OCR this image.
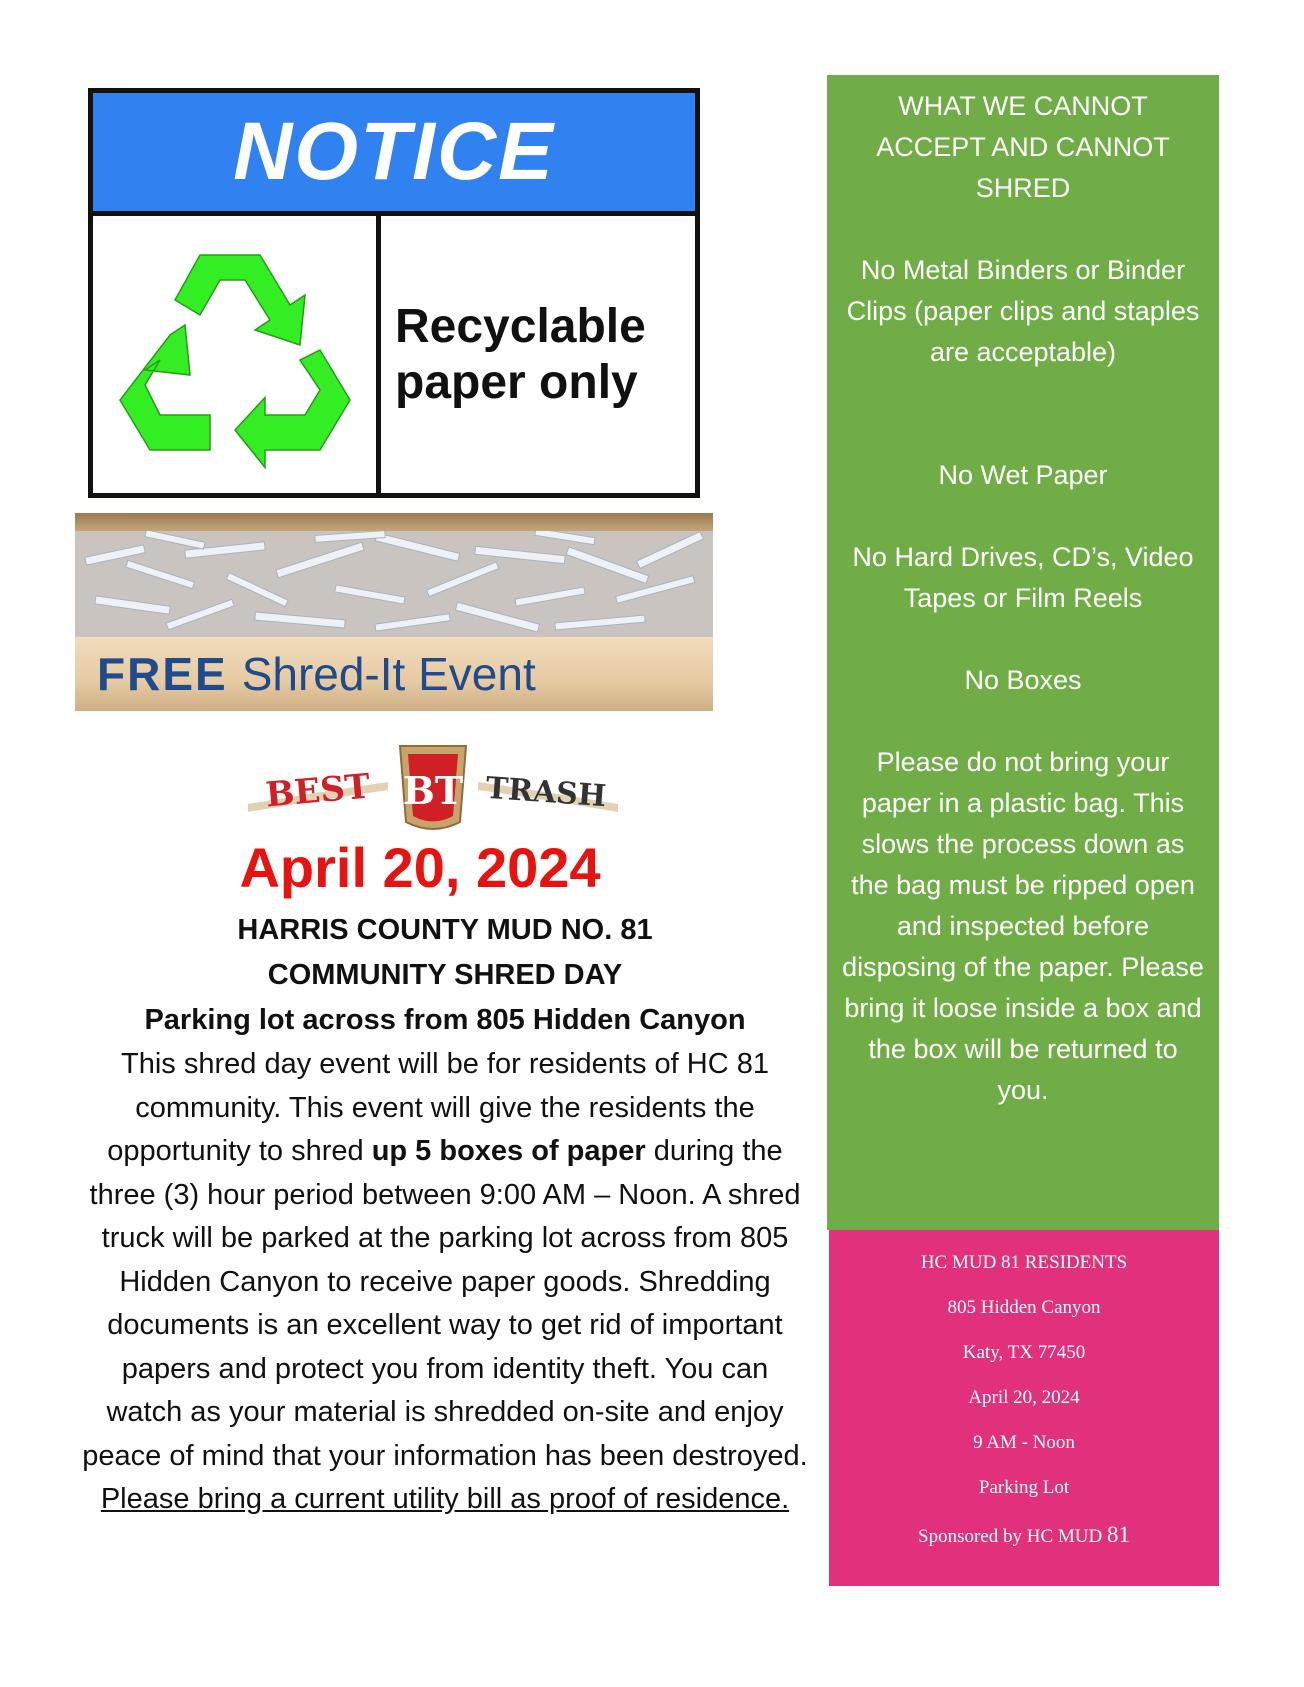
NOTICE
Recyclable
paper only
FREE Shred-It Event
BEST	TRASH
BT
April 20, 2024
HARRIS COUNTY MUD NO. 81
COMMUNITY SHRED DAY
Parking lot across from 805 Hidden Canyon
This shred day event will be for residents of HC 81 community. This event will give the residents the opportunity to shred up 5 boxes of paper during the three (3) hour period between 9:00 AM – Noon. A shred truck will be parked at the parking lot across from 805 Hidden Canyon to receive paper goods. Shredding documents is an excellent way to get rid of important papers and protect you from identity theft. You can watch as your material is shredded on-site and enjoy peace of mind that your information has been destroyed. Please bring a current utility bill as proof of residence.

WHAT WE CANNOT ACCEPT AND CANNOT SHRED

No Metal Binders or Binder Clips (paper clips and staples are acceptable)

No Wet Paper

No Hard Drives, CD’s, Video Tapes or Film Reels

No Boxes

Please do not bring your paper in a plastic bag. This slows the process down as the bag must be ripped open and inspected before disposing of the paper. Please bring it loose inside a box and the box will be returned to you.

HC MUD 81 RESIDENTS
805 Hidden Canyon
Katy, TX 77450
April 20, 2024
9 AM - Noon
Parking Lot
Sponsored by HC MUD 81
